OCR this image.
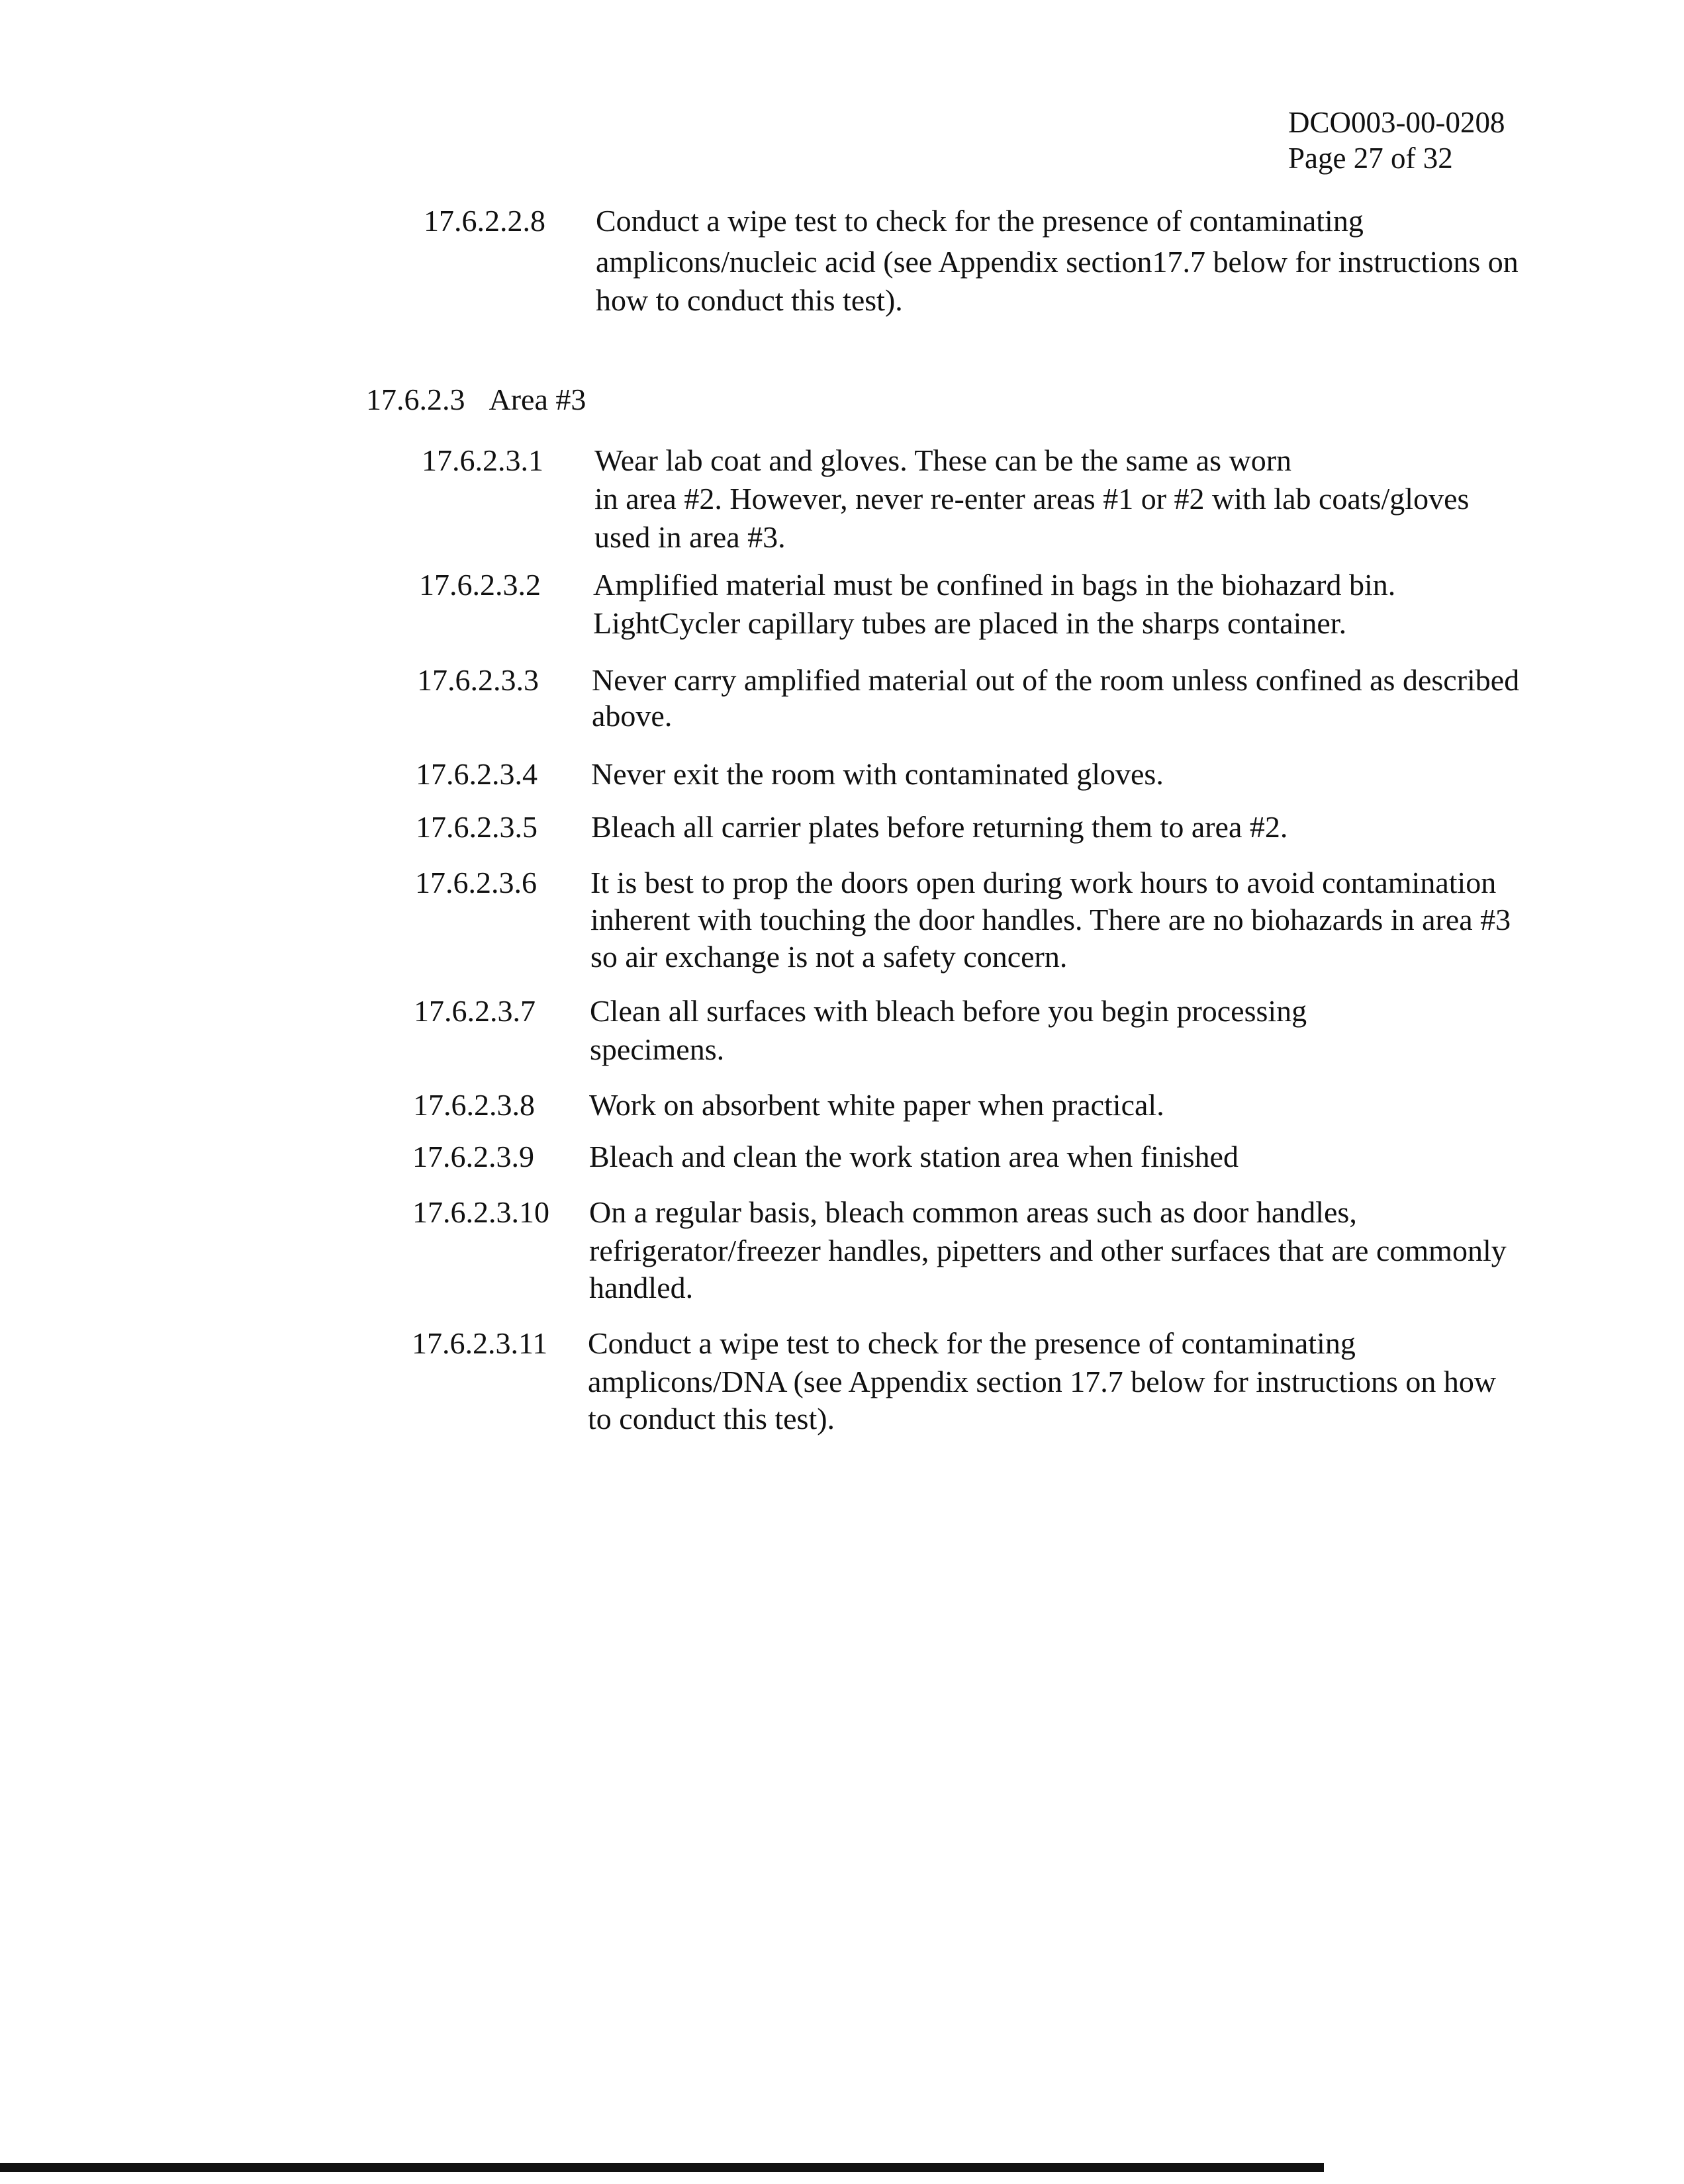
DCO003-00-0208
Page 27 of 32
17.6.2.2.8 Conduct a wipe test to check for the presence of contaminating
amplicons/nucleic acid (see Appendix section17.7 below for instructions on
how to conduct this test).
17.6.2.3 Area #3
17.6.2.3.1 Wear lab coat and gloves. These can be the same as worn
in area #2. However, never re-enter areas #1 or #2 with lab coats/gloves
used in area #3.
17.6.2.3.2 Amplified material must be confined in bags in the biohazard bin.
LightCycler capillary tubes are placed in the sharps container.
17.6.2.3.3 Never carry amplified material out of the room unless confined as described
above.
17.6.2.3.4 Never exit the room with contaminated gloves.
17.6.2.3.5 Bleach all carrier plates before returning them to area #2.
17.6.2.3.6 It is best to prop the doors open during work hours to avoid contamination
inherent with touching the door handles. There are no biohazards in area #3
so air exchange is not a safety concern.
17.6.2.3.7 Clean all surfaces with bleach before you begin processing
specimens.
17.6.2.3.8 Work on absorbent white paper when practical.
17.6.2.3.9 Bleach and clean the work station area when finished
17.6.2.3.10 On a regular basis, bleach common areas such as door handles,
refrigerator/freezer handles, pipetters and other surfaces that are commonly
handled.
17.6.2.3.11 Conduct a wipe test to check for the presence of contaminating
amplicons/DNA (see Appendix section 17.7 below for instructions on how
to conduct this test).
